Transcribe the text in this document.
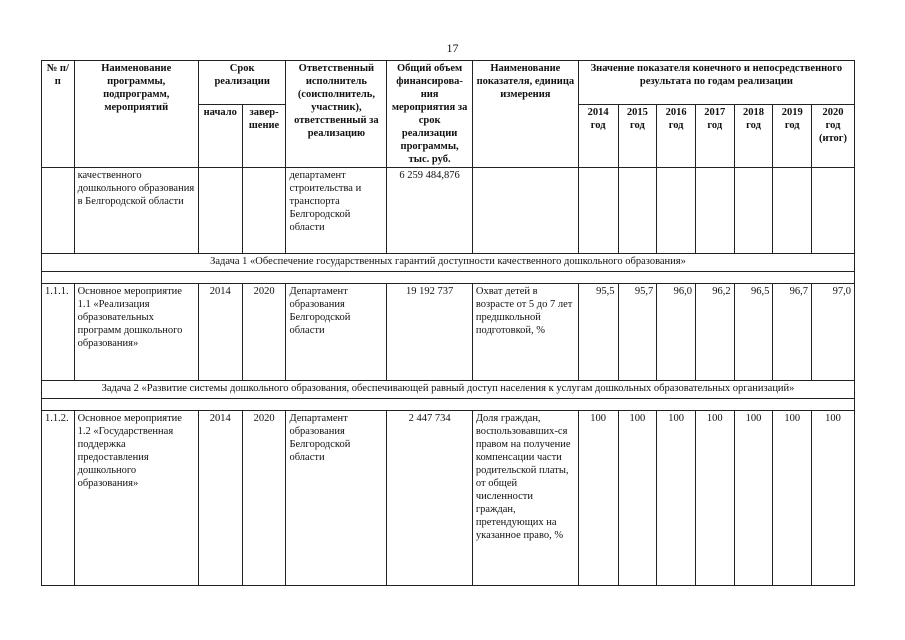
17
№ п/п	Наименование программы, подпрограмм, мероприятий	Срок реализации		Ответственный исполнитель (соисполнитель, участник), ответственный за реализацию	Общий объем финансирова-ния мероприятия за срок реализации программы, тыс. руб.	Наименование показателя, единица измерения	Значение показателя конечного и непосредственного результата по годам реализации						
		начало	завер-шение				2014 год	2015 год	2016 год	2017 год	2018 год	2019 год	2020 год (итог)
	качественного дошкольного образования в Белгородской области			департамент строительства и транспорта Белгородской области	6 259 484,876								
Задача 1 «Обеспечение государственных гарантий доступности качественного дошкольного образования»													

1.1.1.	Основное мероприятие 1.1 «Реализация образовательных программ дошкольного образования»	2014	2020	Департамент образования Белгородской области	19 192 737	Охват детей в возрасте от 5 до 7 лет предшкольной подготовкой, %	95,5	95,7	96,0	96,2	96,5	96,7	97,0
Задача 2 «Развитие системы дошкольного образования, обеспечивающей равный доступ населения к услугам дошкольных образовательных организаций»													

1.1.2.	Основное мероприятие 1.2 «Государственная поддержка предоставления дошкольного образования»	2014	2020	Департамент образования Белгородской области	2 447 734	Доля граждан, воспользовавших-ся правом на получение компенсации части родительской платы, от общей численности граждан, претендующих на указанное право, %	100	100	100	100	100	100	100
